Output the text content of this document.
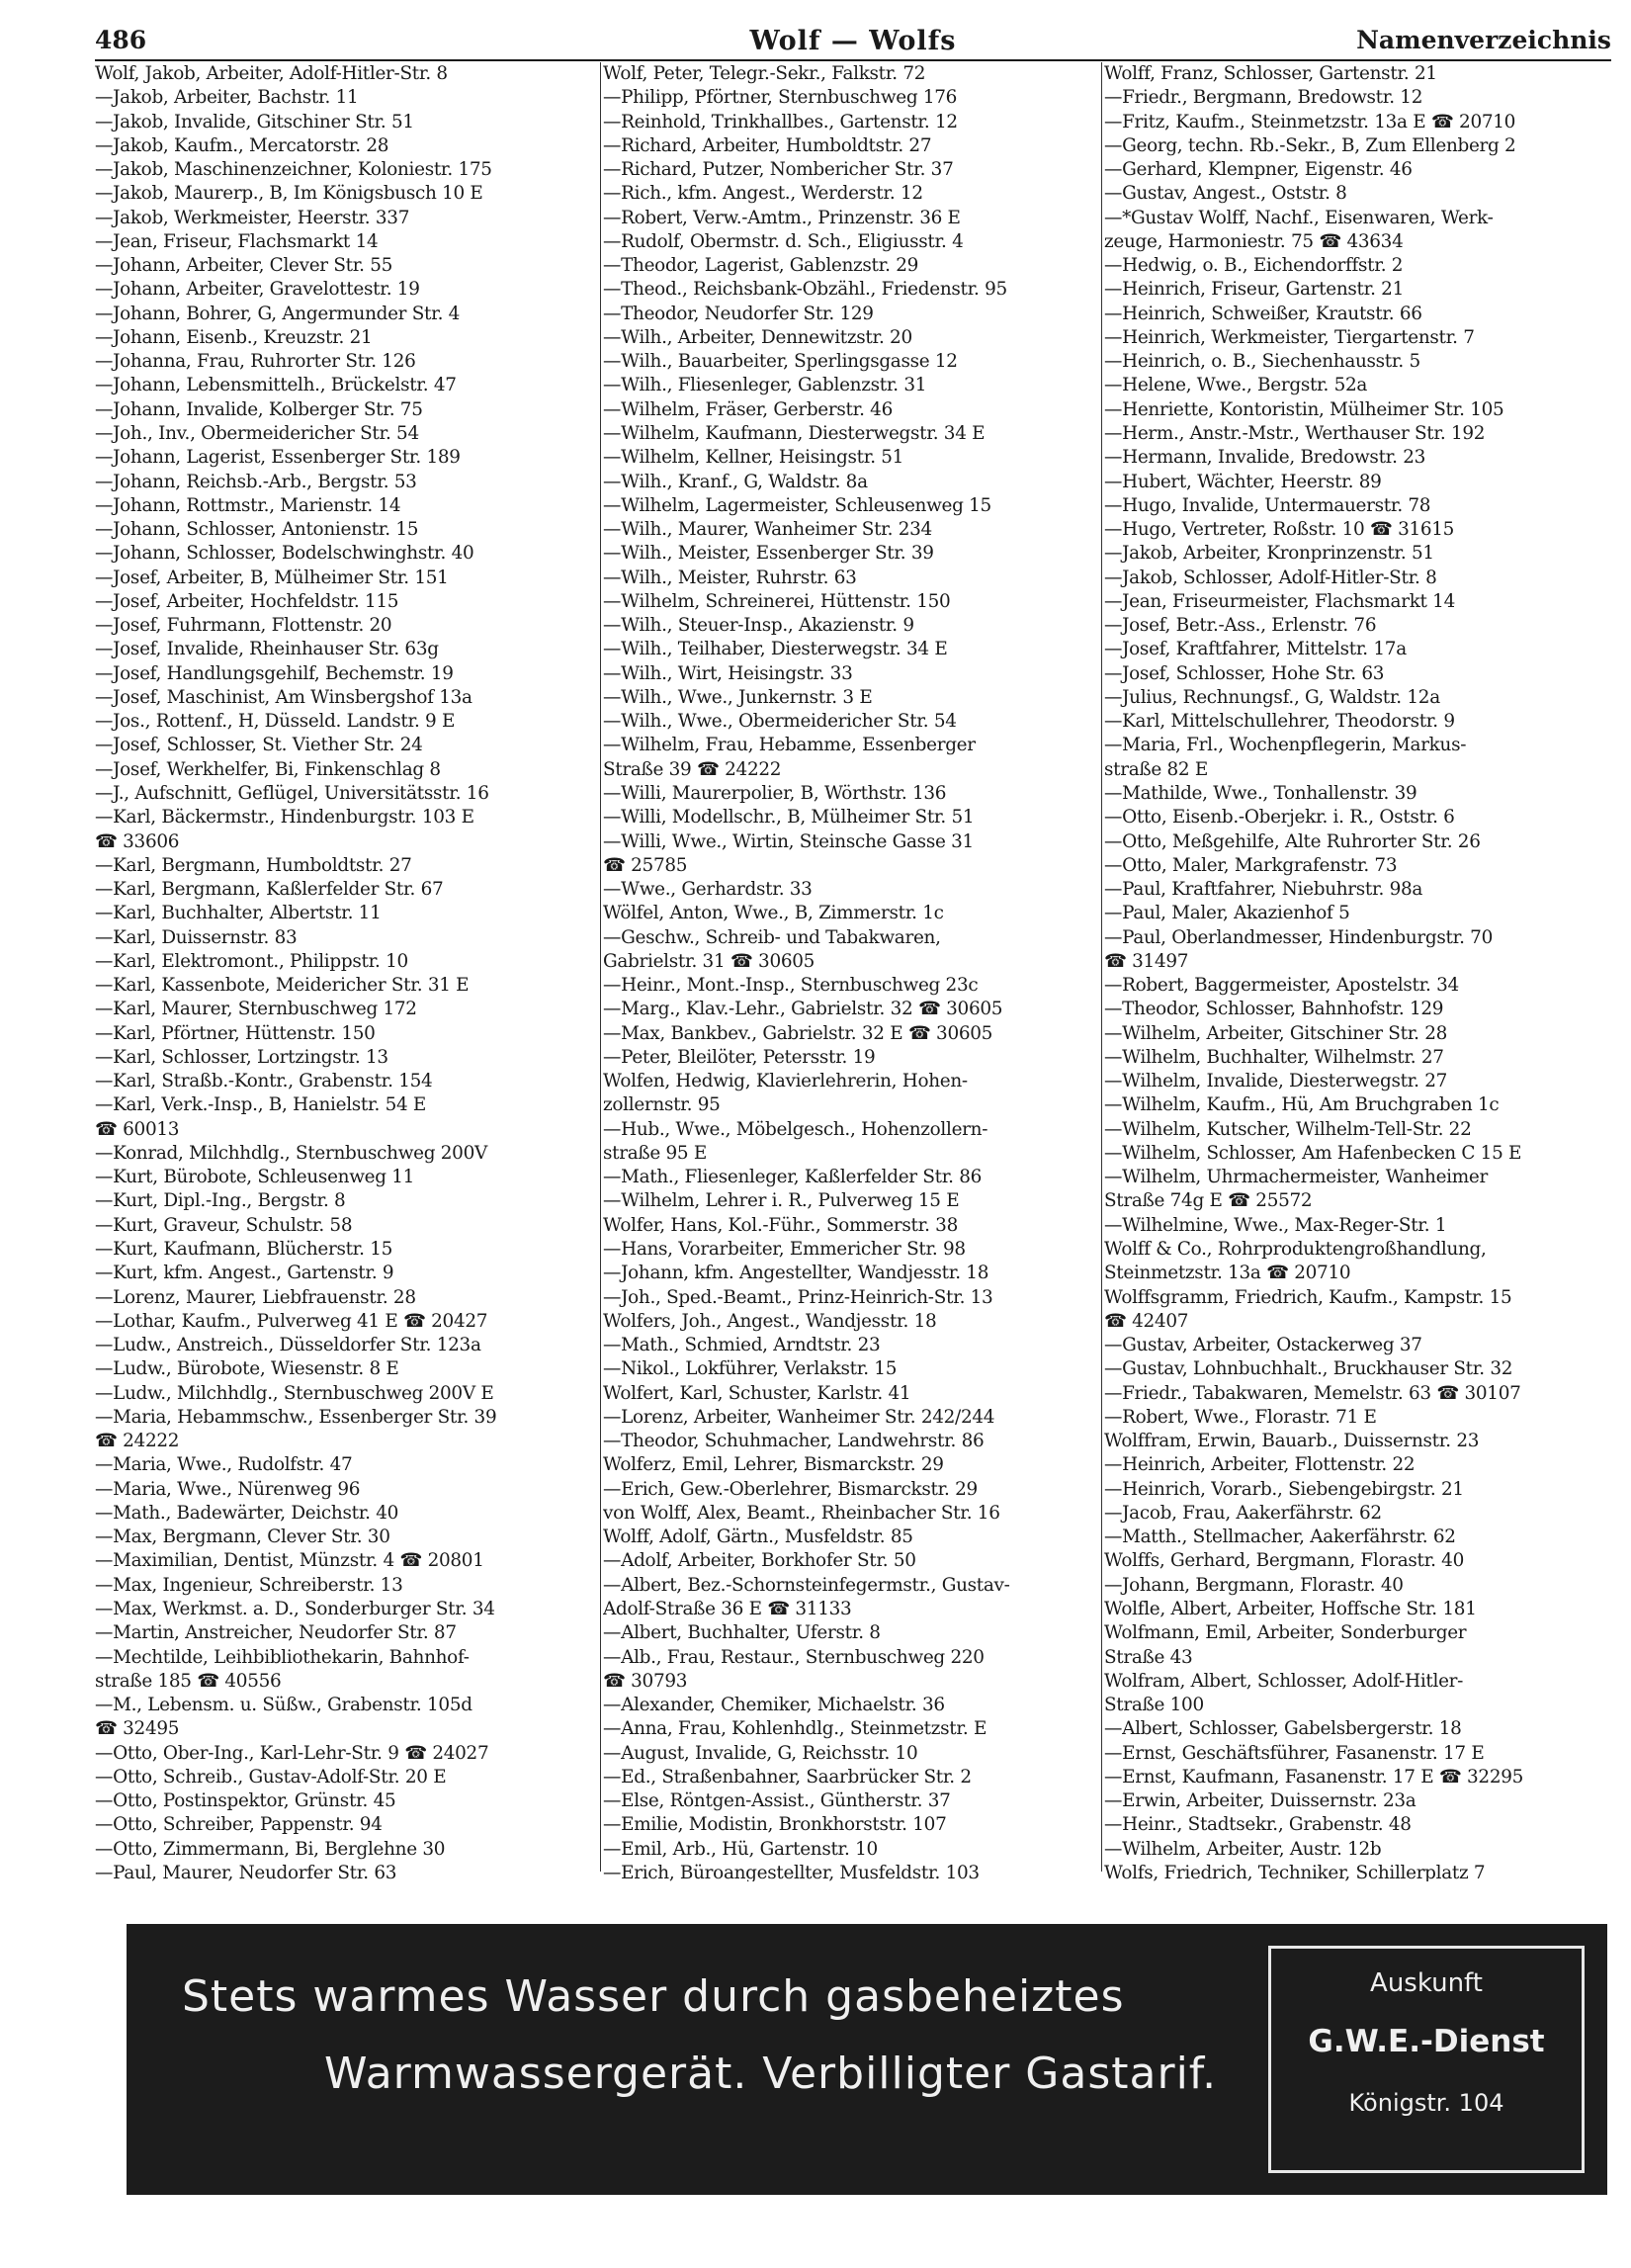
486	Wolf — Wolfs	Namenverzeichnis
Wolf, Jakob, Arbeiter, Adolf-Hitler-Str. 8
—Jakob, Arbeiter, Bachstr. 11
—Jakob, Invalide, Gitschiner Str. 51
—Jakob, Kaufm., Mercatorstr. 28
—Jakob, Maschinenzeichner, Koloniestr. 175
—Jakob, Maurerp., B, Im Königsbusch 10 E
—Jakob, Werkmeister, Heerstr. 337
—Jean, Friseur, Flachsmarkt 14
—Johann, Arbeiter, Clever Str. 55
—Johann, Arbeiter, Gravelottestr. 19
—Johann, Bohrer, G, Angermunder Str. 4
—Johann, Eisenb., Kreuzstr. 21
—Johanna, Frau, Ruhrorter Str. 126
—Johann, Lebensmittelh., Brückelstr. 47
—Johann, Invalide, Kolberger Str. 75
—Joh., Inv., Obermeidericher Str. 54
—Johann, Lagerist, Essenberger Str. 189
—Johann, Reichsb.-Arb., Bergstr. 53
—Johann, Rottmstr., Marienstr. 14
—Johann, Schlosser, Antonienstr. 15
—Johann, Schlosser, Bodelschwinghstr. 40
—Josef, Arbeiter, B, Mülheimer Str. 151
—Josef, Arbeiter, Hochfeldstr. 115
—Josef, Fuhrmann, Flottenstr. 20
—Josef, Invalide, Rheinhauser Str. 63g
—Josef, Handlungsgehilf, Bechemstr. 19
—Josef, Maschinist, Am Winsbergshof 13a
—Jos., Rottenf., H, Düsseld. Landstr. 9 E
—Josef, Schlosser, St. Viether Str. 24
—Josef, Werkhelfer, Bi, Finkenschlag 8
—J., Aufschnitt, Geflügel, Universitätsstr. 16
—Karl, Bäckermstr., Hindenburgstr. 103 E
☎ 33606
—Karl, Bergmann, Humboldtstr. 27
—Karl, Bergmann, Kaßlerfelder Str. 67
—Karl, Buchhalter, Albertstr. 11
—Karl, Duissernstr. 83
—Karl, Elektromont., Philippstr. 10
—Karl, Kassenbote, Meidericher Str. 31 E
—Karl, Maurer, Sternbuschweg 172
—Karl, Pförtner, Hüttenstr. 150
—Karl, Schlosser, Lortzingstr. 13
—Karl, Straßb.-Kontr., Grabenstr. 154
—Karl, Verk.-Insp., B, Hanielstr. 54 E
☎ 60013
—Konrad, Milchhdlg., Sternbuschweg 200V
—Kurt, Bürobote, Schleusenweg 11
—Kurt, Dipl.-Ing., Bergstr. 8
—Kurt, Graveur, Schulstr. 58
—Kurt, Kaufmann, Blücherstr. 15
—Kurt, kfm. Angest., Gartenstr. 9
—Lorenz, Maurer, Liebfrauenstr. 28
—Lothar, Kaufm., Pulverweg 41 E ☎ 20427
—Ludw., Anstreich., Düsseldorfer Str. 123a
—Ludw., Bürobote, Wiesenstr. 8 E
—Ludw., Milchhdlg., Sternbuschweg 200V E
—Maria, Hebammschw., Essenberger Str. 39
☎ 24222
—Maria, Wwe., Rudolfstr. 47
—Maria, Wwe., Nürenweg 96
—Math., Badewärter, Deichstr. 40
—Max, Bergmann, Clever Str. 30
—Maximilian, Dentist, Münzstr. 4 ☎ 20801
—Max, Ingenieur, Schreiberstr. 13
—Max, Werkmst. a. D., Sonderburger Str. 34
—Martin, Anstreicher, Neudorfer Str. 87
—Mechtilde, Leihbibliothekarin, Bahnhof-
straße 185 ☎ 40556
—M., Lebensm. u. Süßw., Grabenstr. 105d
☎ 32495
—Otto, Ober-Ing., Karl-Lehr-Str. 9 ☎ 24027
—Otto, Schreib., Gustav-Adolf-Str. 20 E
—Otto, Postinspektor, Grünstr. 45
—Otto, Schreiber, Pappenstr. 94
—Otto, Zimmermann, Bi, Berglehne 30
—Paul, Maurer, Neudorfer Str. 63
Wolf, Peter, Telegr.-Sekr., Falkstr. 72
—Philipp, Pförtner, Sternbuschweg 176
—Reinhold, Trinkhallbes., Gartenstr. 12
—Richard, Arbeiter, Humboldtstr. 27
—Richard, Putzer, Nombericher Str. 37
—Rich., kfm. Angest., Werderstr. 12
—Robert, Verw.-Amtm., Prinzenstr. 36 E
—Rudolf, Obermstr. d. Sch., Eligiusstr. 4
—Theodor, Lagerist, Gablenzstr. 29
—Theod., Reichsbank-Obzähl., Friedenstr. 95
—Theodor, Neudorfer Str. 129
—Wilh., Arbeiter, Dennewitzstr. 20
—Wilh., Bauarbeiter, Sperlingsgasse 12
—Wilh., Fliesenleger, Gablenzstr. 31
—Wilhelm, Fräser, Gerberstr. 46
—Wilhelm, Kaufmann, Diesterwegstr. 34 E
—Wilhelm, Kellner, Heisingstr. 51
—Wilh., Kranf., G, Waldstr. 8a
—Wilhelm, Lagermeister, Schleusenweg 15
—Wilh., Maurer, Wanheimer Str. 234
—Wilh., Meister, Essenberger Str. 39
—Wilh., Meister, Ruhrstr. 63
—Wilhelm, Schreinerei, Hüttenstr. 150
—Wilh., Steuer-Insp., Akazienstr. 9
—Wilh., Teilhaber, Diesterwegstr. 34 E
—Wilh., Wirt, Heisingstr. 33
—Wilh., Wwe., Junkernstr. 3 E
—Wilh., Wwe., Obermeidericher Str. 54
—Wilhelm, Frau, Hebamme, Essenberger
Straße 39 ☎ 24222
—Willi, Maurerpolier, B, Wörthstr. 136
—Willi, Modellschr., B, Mülheimer Str. 51
—Willi, Wwe., Wirtin, Steinsche Gasse 31
☎ 25785
—Wwe., Gerhardstr. 33
Wölfel, Anton, Wwe., B, Zimmerstr. 1c
—Geschw., Schreib- und Tabakwaren,
Gabrielstr. 31 ☎ 30605
—Heinr., Mont.-Insp., Sternbuschweg 23c
—Marg., Klav.-Lehr., Gabrielstr. 32 ☎ 30605
—Max, Bankbev., Gabrielstr. 32 E ☎ 30605
—Peter, Bleilöter, Petersstr. 19
Wolfen, Hedwig, Klavierlehrerin, Hohen-
zollernstr. 95
—Hub., Wwe., Möbelgesch., Hohenzollern-
straße 95 E
—Math., Fliesenleger, Kaßlerfelder Str. 86
—Wilhelm, Lehrer i. R., Pulverweg 15 E
Wolfer, Hans, Kol.-Führ., Sommerstr. 38
—Hans, Vorarbeiter, Emmericher Str. 98
—Johann, kfm. Angestellter, Wandjesstr. 18
—Joh., Sped.-Beamt., Prinz-Heinrich-Str. 13
Wolfers, Joh., Angest., Wandjesstr. 18
—Math., Schmied, Arndtstr. 23
—Nikol., Lokführer, Verlakstr. 15
Wolfert, Karl, Schuster, Karlstr. 41
—Lorenz, Arbeiter, Wanheimer Str. 242/244
—Theodor, Schuhmacher, Landwehrstr. 86
Wolferz, Emil, Lehrer, Bismarckstr. 29
—Erich, Gew.-Oberlehrer, Bismarckstr. 29
von Wolff, Alex, Beamt., Rheinbacher Str. 16
Wolff, Adolf, Gärtn., Musfeldstr. 85
—Adolf, Arbeiter, Borkhofer Str. 50
—Albert, Bez.-Schornsteinfegermstr., Gustav-
Adolf-Straße 36 E ☎ 31133
—Albert, Buchhalter, Uferstr. 8
—Alb., Frau, Restaur., Sternbuschweg 220
☎ 30793
—Alexander, Chemiker, Michaelstr. 36
—Anna, Frau, Kohlenhdlg., Steinmetzstr. E
—August, Invalide, G, Reichsstr. 10
—Ed., Straßenbahner, Saarbrücker Str. 2
—Else, Röntgen-Assist., Güntherstr. 37
—Emilie, Modistin, Bronkhorststr. 107
—Emil, Arb., Hü, Gartenstr. 10
—Erich, Büroangestellter, Musfeldstr. 103
Wolff, Franz, Schlosser, Gartenstr. 21
—Friedr., Bergmann, Bredowstr. 12
—Fritz, Kaufm., Steinmetzstr. 13a E ☎ 20710
—Georg, techn. Rb.-Sekr., B, Zum Ellenberg 2
—Gerhard, Klempner, Eigenstr. 46
—Gustav, Angest., Oststr. 8
—*Gustav Wolff, Nachf., Eisenwaren, Werk-
zeuge, Harmoniestr. 75 ☎ 43634
—Hedwig, o. B., Eichendorffstr. 2
—Heinrich, Friseur, Gartenstr. 21
—Heinrich, Schweißer, Krautstr. 66
—Heinrich, Werkmeister, Tiergartenstr. 7
—Heinrich, o. B., Siechenhausstr. 5
—Helene, Wwe., Bergstr. 52a
—Henriette, Kontoristin, Mülheimer Str. 105
—Herm., Anstr.-Mstr., Werthauser Str. 192
—Hermann, Invalide, Bredowstr. 23
—Hubert, Wächter, Heerstr. 89
—Hugo, Invalide, Untermauerstr. 78
—Hugo, Vertreter, Roßstr. 10 ☎ 31615
—Jakob, Arbeiter, Kronprinzenstr. 51
—Jakob, Schlosser, Adolf-Hitler-Str. 8
—Jean, Friseurmeister, Flachsmarkt 14
—Josef, Betr.-Ass., Erlenstr. 76
—Josef, Kraftfahrer, Mittelstr. 17a
—Josef, Schlosser, Hohe Str. 63
—Julius, Rechnungsf., G, Waldstr. 12a
—Karl, Mittelschullehrer, Theodorstr. 9
—Maria, Frl., Wochenpflegerin, Markus-
straße 82 E
—Mathilde, Wwe., Tonhallenstr. 39
—Otto, Eisenb.-Oberjekr. i. R., Oststr. 6
—Otto, Meßgehilfe, Alte Ruhrorter Str. 26
—Otto, Maler, Markgrafenstr. 73
—Paul, Kraftfahrer, Niebuhrstr. 98a
—Paul, Maler, Akazienhof 5
—Paul, Oberlandmesser, Hindenburgstr. 70
☎ 31497
—Robert, Baggermeister, Apostelstr. 34
—Theodor, Schlosser, Bahnhofstr. 129
—Wilhelm, Arbeiter, Gitschiner Str. 28
—Wilhelm, Buchhalter, Wilhelmstr. 27
—Wilhelm, Invalide, Diesterwegstr. 27
—Wilhelm, Kaufm., Hü, Am Bruchgraben 1c
—Wilhelm, Kutscher, Wilhelm-Tell-Str. 22
—Wilhelm, Schlosser, Am Hafenbecken C 15 E
—Wilhelm, Uhrmachermeister, Wanheimer
Straße 74g E ☎ 25572
—Wilhelmine, Wwe., Max-Reger-Str. 1
Wolff & Co., Rohrproduktengroßhandlung,
Steinmetzstr. 13a ☎ 20710
Wolffsgramm, Friedrich, Kaufm., Kampstr. 15
☎ 42407
—Gustav, Arbeiter, Ostackerweg 37
—Gustav, Lohnbuchhalt., Bruckhauser Str. 32
—Friedr., Tabakwaren, Memelstr. 63 ☎ 30107
—Robert, Wwe., Florastr. 71 E
Wolffram, Erwin, Bauarb., Duissernstr. 23
—Heinrich, Arbeiter, Flottenstr. 22
—Heinrich, Vorarb., Siebengebirgstr. 21
—Jacob, Frau, Aakerfährstr. 62
—Matth., Stellmacher, Aakerfährstr. 62
Wolffs, Gerhard, Bergmann, Florastr. 40
—Johann, Bergmann, Florastr. 40
Wolfle, Albert, Arbeiter, Hoffsche Str. 181
Wolfmann, Emil, Arbeiter, Sonderburger
Straße 43
Wolfram, Albert, Schlosser, Adolf-Hitler-
Straße 100
—Albert, Schlosser, Gabelsbergerstr. 18
—Ernst, Geschäftsführer, Fasanenstr. 17 E
—Ernst, Kaufmann, Fasanenstr. 17 E ☎ 32295
—Erwin, Arbeiter, Duissernstr. 23a
—Heinr., Stadtsekr., Grabenstr. 48
—Wilhelm, Arbeiter, Austr. 12b
Wolfs, Friedrich, Techniker, Schillerplatz 7
Stets warmes Wasser durch gasbeheiztes
Warmwassergerät. Verbilligter Gastarif.
Auskunft
G.W.E.-Dienst
Königstr. 104
